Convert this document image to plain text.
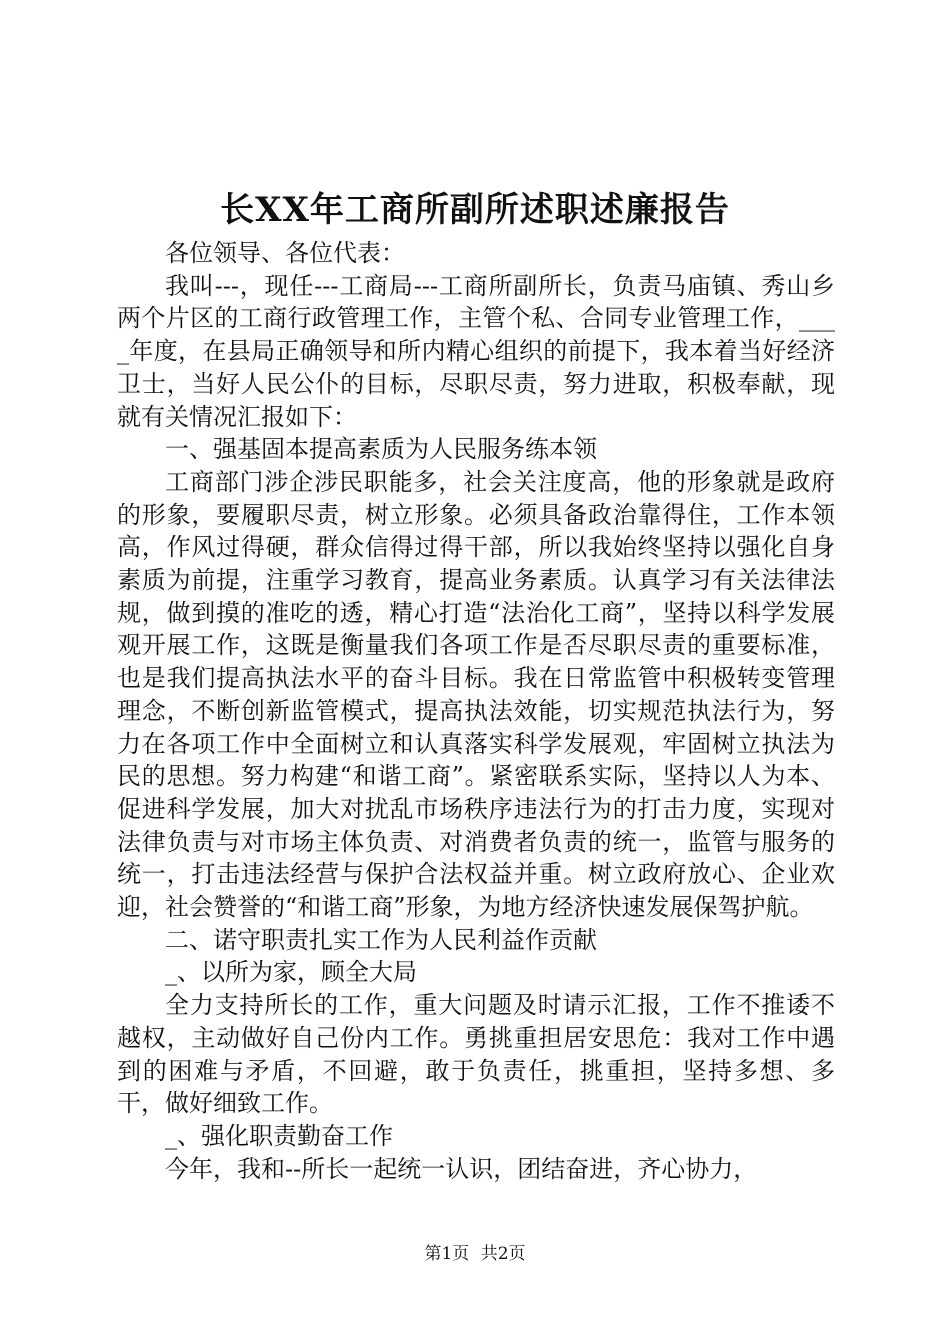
长XX年工商所副所述职述廉报告

各位领导、各位代表：

我叫---，现任---工商局---工商所副所长，负责马庙镇、秀山乡两个片区的工商行政管理工作，主管个私、合同专业管理工作，____年度，在县局正确领导和所内精心组织的前提下，我本着当好经济卫士，当好人民公仆的目标，尽职尽责，努力进取，积极奉献，现就有关情况汇报如下：

一、强基固本提高素质为人民服务练本领

工商部门涉企涉民职能多，社会关注度高，他的形象就是政府的形象，要履职尽责，树立形象。必须具备政治靠得住，工作本领高，作风过得硬，群众信得过得干部，所以我始终坚持以强化自身素质为前提，注重学习教育，提高业务素质。认真学习有关法律法规，做到摸的准吃的透，精心打造“法治化工商”，坚持以科学发展观开展工作，这既是衡量我们各项工作是否尽职尽责的重要标准，也是我们提高执法水平的奋斗目标。我在日常监管中积极转变管理理念，不断创新监管模式，提高执法效能，切实规范执法行为，努力在各项工作中全面树立和认真落实科学发展观，牢固树立执法为民的思想。努力构建“和谐工商”。紧密联系实际，坚持以人为本、促进科学发展，加大对扰乱市场秩序违法行为的打击力度，实现对法律负责与对市场主体负责、对消费者负责的统一，监管与服务的统一，打击违法经营与保护合法权益并重。树立政府放心、企业欢迎，社会赞誉的“和谐工商”形象，为地方经济快速发展保驾护航。

二、诺守职责扎实工作为人民利益作贡献

_、以所为家，顾全大局

全力支持所长的工作，重大问题及时请示汇报，工作不推诿不越权，主动做好自己份内工作。勇挑重担居安思危：我对工作中遇到的困难与矛盾，不回避，敢于负责任，挑重担，坚持多想、多干，做好细致工作。

_、强化职责勤奋工作

今年，我和--所长一起统一认识，团结奋进，齐心协力，

第1页 共2页
